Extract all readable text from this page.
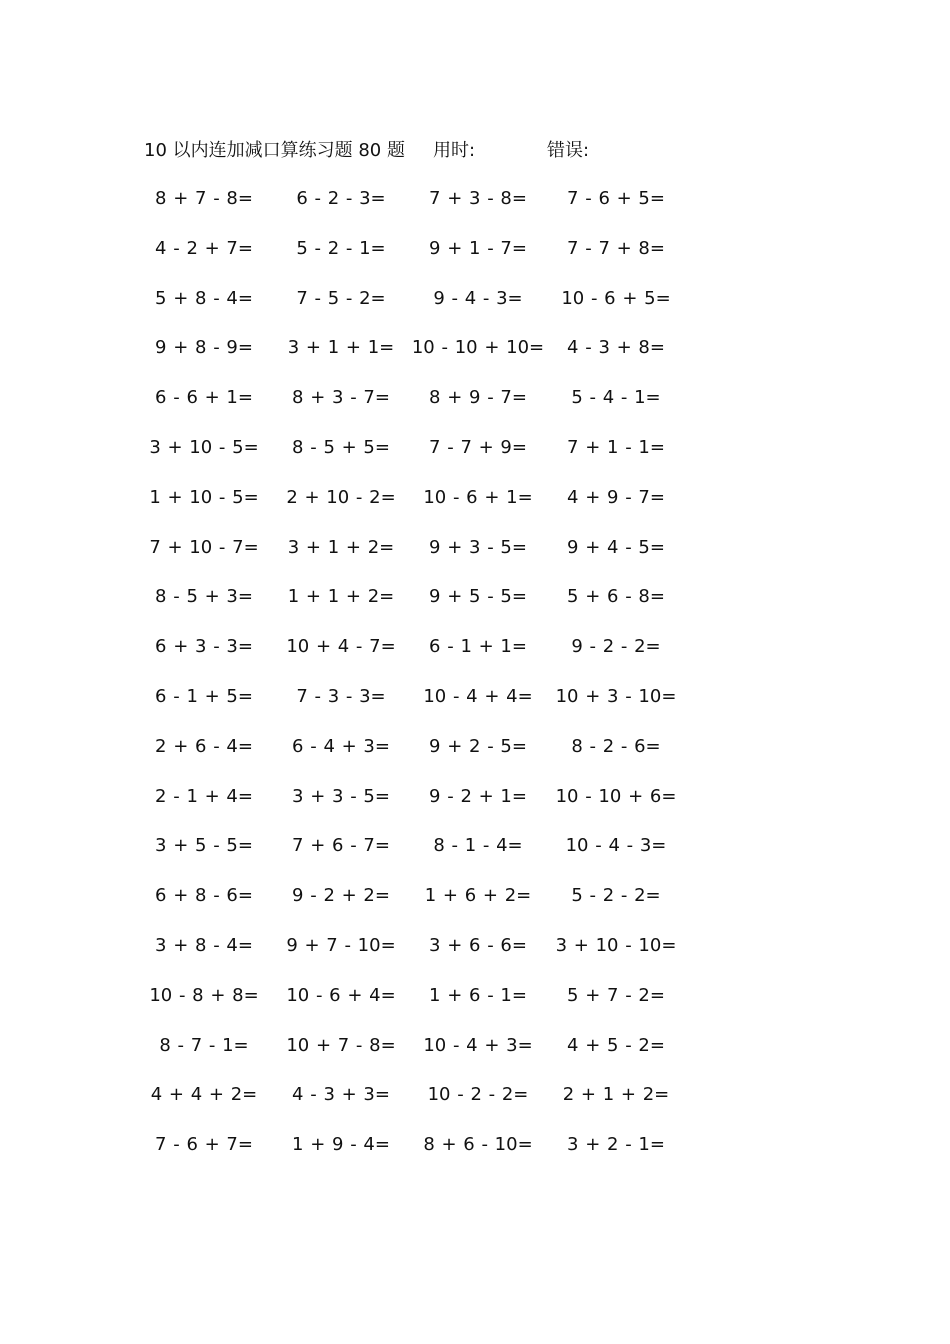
10 以内连加减口算练习题 80 题 用时:	错误:
8 + 7 - 8=	6 - 2 - 3=	7 + 3 - 8=	7 - 6 + 5=
4 - 2 + 7=	5 - 2 - 1=	9 + 1 - 7=	7 - 7 + 8=
5 + 8 - 4=	7 - 5 - 2=	9 - 4 - 3=	10 - 6 + 5=
9 + 8 - 9=	3 + 1 + 1= 10 - 10 + 10=	4 - 3 + 8=
6 - 6 + 1=	8 + 3 - 7=	8 + 9 - 7=	5 - 4 - 1=
3 + 10 - 5=	8 - 5 + 5=	7 - 7 + 9=	7 + 1 - 1=
1 + 10 - 5=	2 + 10 - 2=	10 - 6 + 1=	4 + 9 - 7=
7 + 10 - 7=	3 + 1 + 2=	9 + 3 - 5=	9 + 4 - 5=
8 - 5 + 3=	1 + 1 + 2=	9 + 5 - 5=	5 + 6 - 8=
6 + 3 - 3=	10 + 4 - 7=	6 - 1 + 1=	9 - 2 - 2=
6 - 1 + 5=	7 - 3 - 3=	10 - 4 + 4=	10 + 3 - 10=
2 + 6 - 4=	6 - 4 + 3=	9 + 2 - 5=	8 - 2 - 6=
2 - 1 + 4=	3 + 3 - 5=	9 - 2 + 1=	10 - 10 + 6=
3 + 5 - 5=	7 + 6 - 7=	8 - 1 - 4=	10 - 4 - 3=
6 + 8 - 6=	9 - 2 + 2=	1 + 6 + 2=	5 - 2 - 2=
3 + 8 - 4=	9 + 7 - 10=	3 + 6 - 6=	3 + 10 - 10=
10 - 8 + 8=	10 - 6 + 4=	1 + 6 - 1=	5 + 7 - 2=
8 - 7 - 1=	10 + 7 - 8=	10 - 4 + 3=	4 + 5 - 2=
4 + 4 + 2=	4 - 3 + 3=	10 - 2 - 2=	2 + 1 + 2=
7 - 6 + 7=	1 + 9 - 4=	8 + 6 - 10=	3 + 2 - 1=
